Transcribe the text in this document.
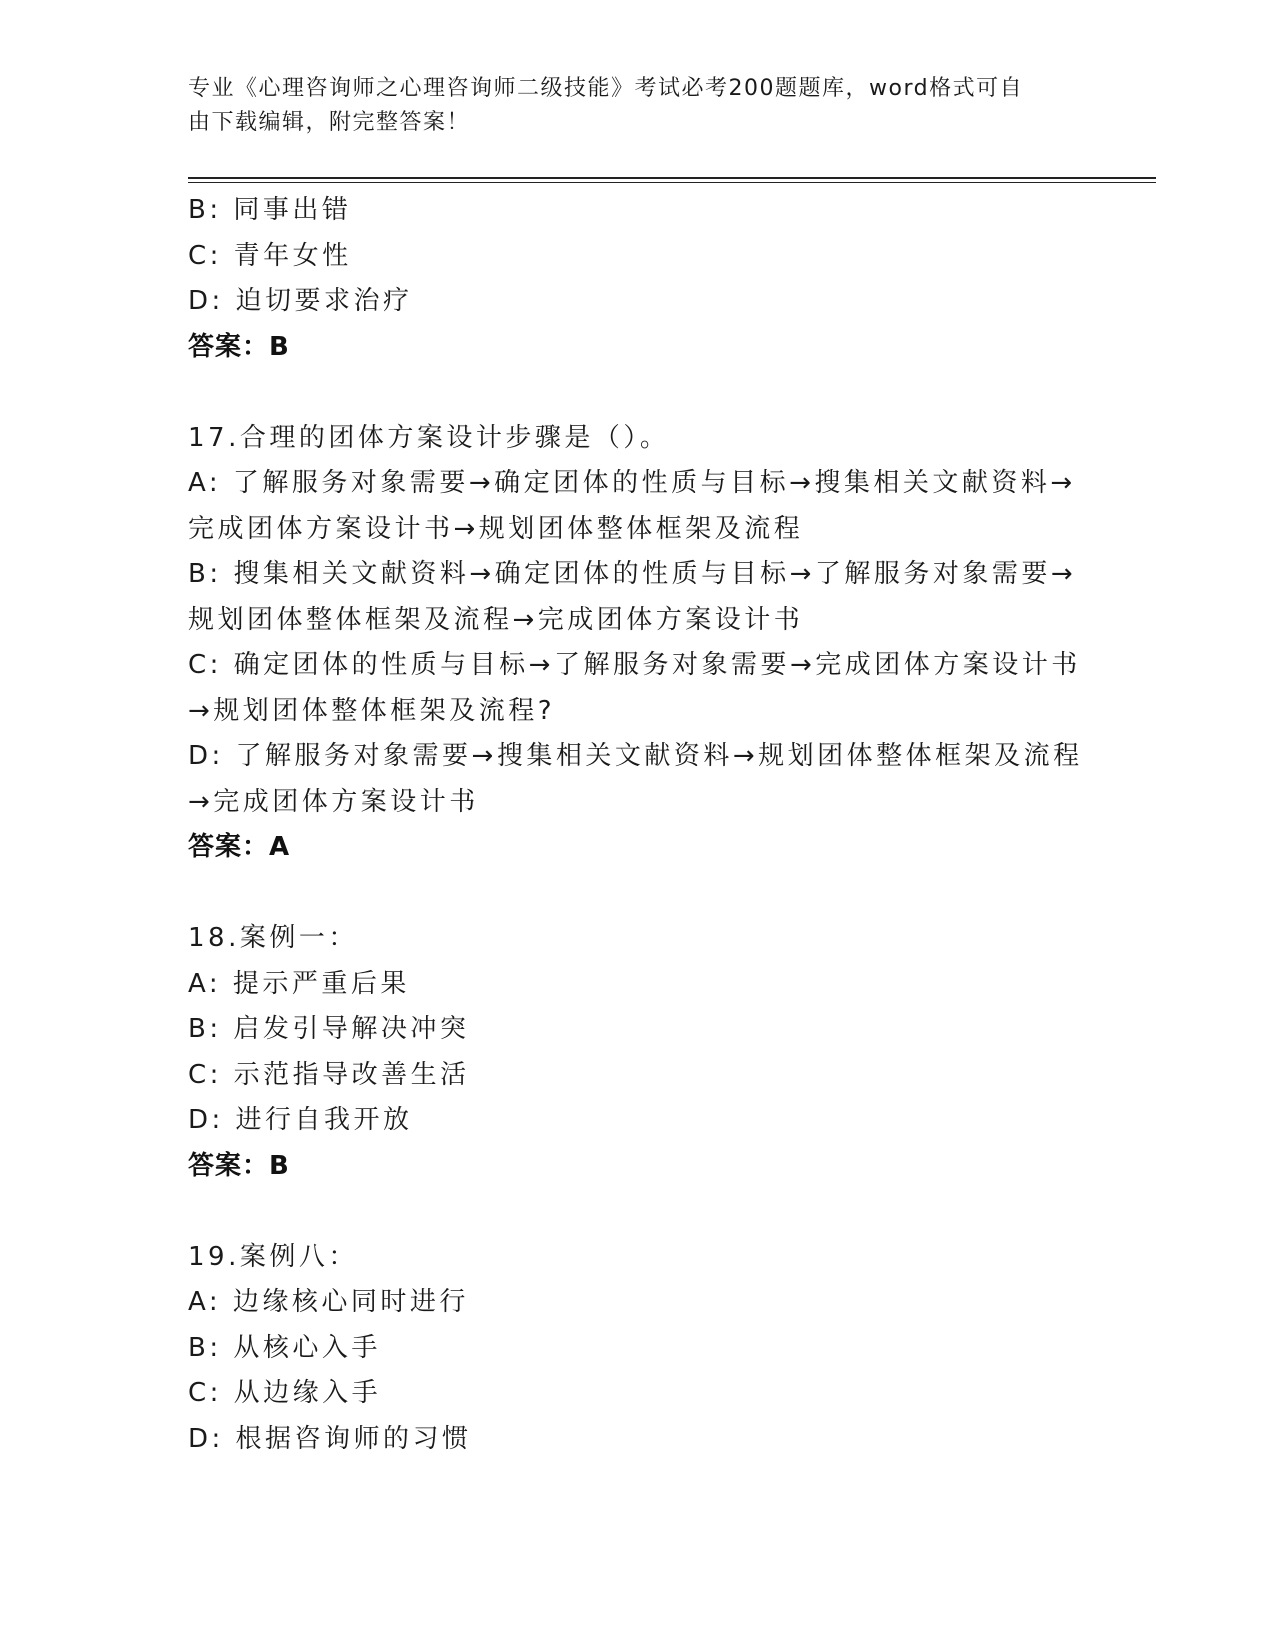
专业《心理咨询师之心理咨询师二级技能》考试必考200题题库，word格式可自
由下载编辑，附完整答案！
B: 同事出错
C: 青年女性
D: 迫切要求治疗
答案：B
17.合理的团体方案设计步骤是（）。
A: 了解服务对象需要→确定团体的性质与目标→搜集相关文献资料→
完成团体方案设计书→规划团体整体框架及流程
B: 搜集相关文献资料→确定团体的性质与目标→了解服务对象需要→
规划团体整体框架及流程→完成团体方案设计书
C: 确定团体的性质与目标→了解服务对象需要→完成团体方案设计书
→规划团体整体框架及流程?
D: 了解服务对象需要→搜集相关文献资料→规划团体整体框架及流程
→完成团体方案设计书
答案：A
18.案例一：
A: 提示严重后果
B: 启发引导解决冲突
C: 示范指导改善生活
D: 进行自我开放
答案：B
19.案例八：
A: 边缘核心同时进行
B: 从核心入手
C: 从边缘入手
D: 根据咨询师的习惯
